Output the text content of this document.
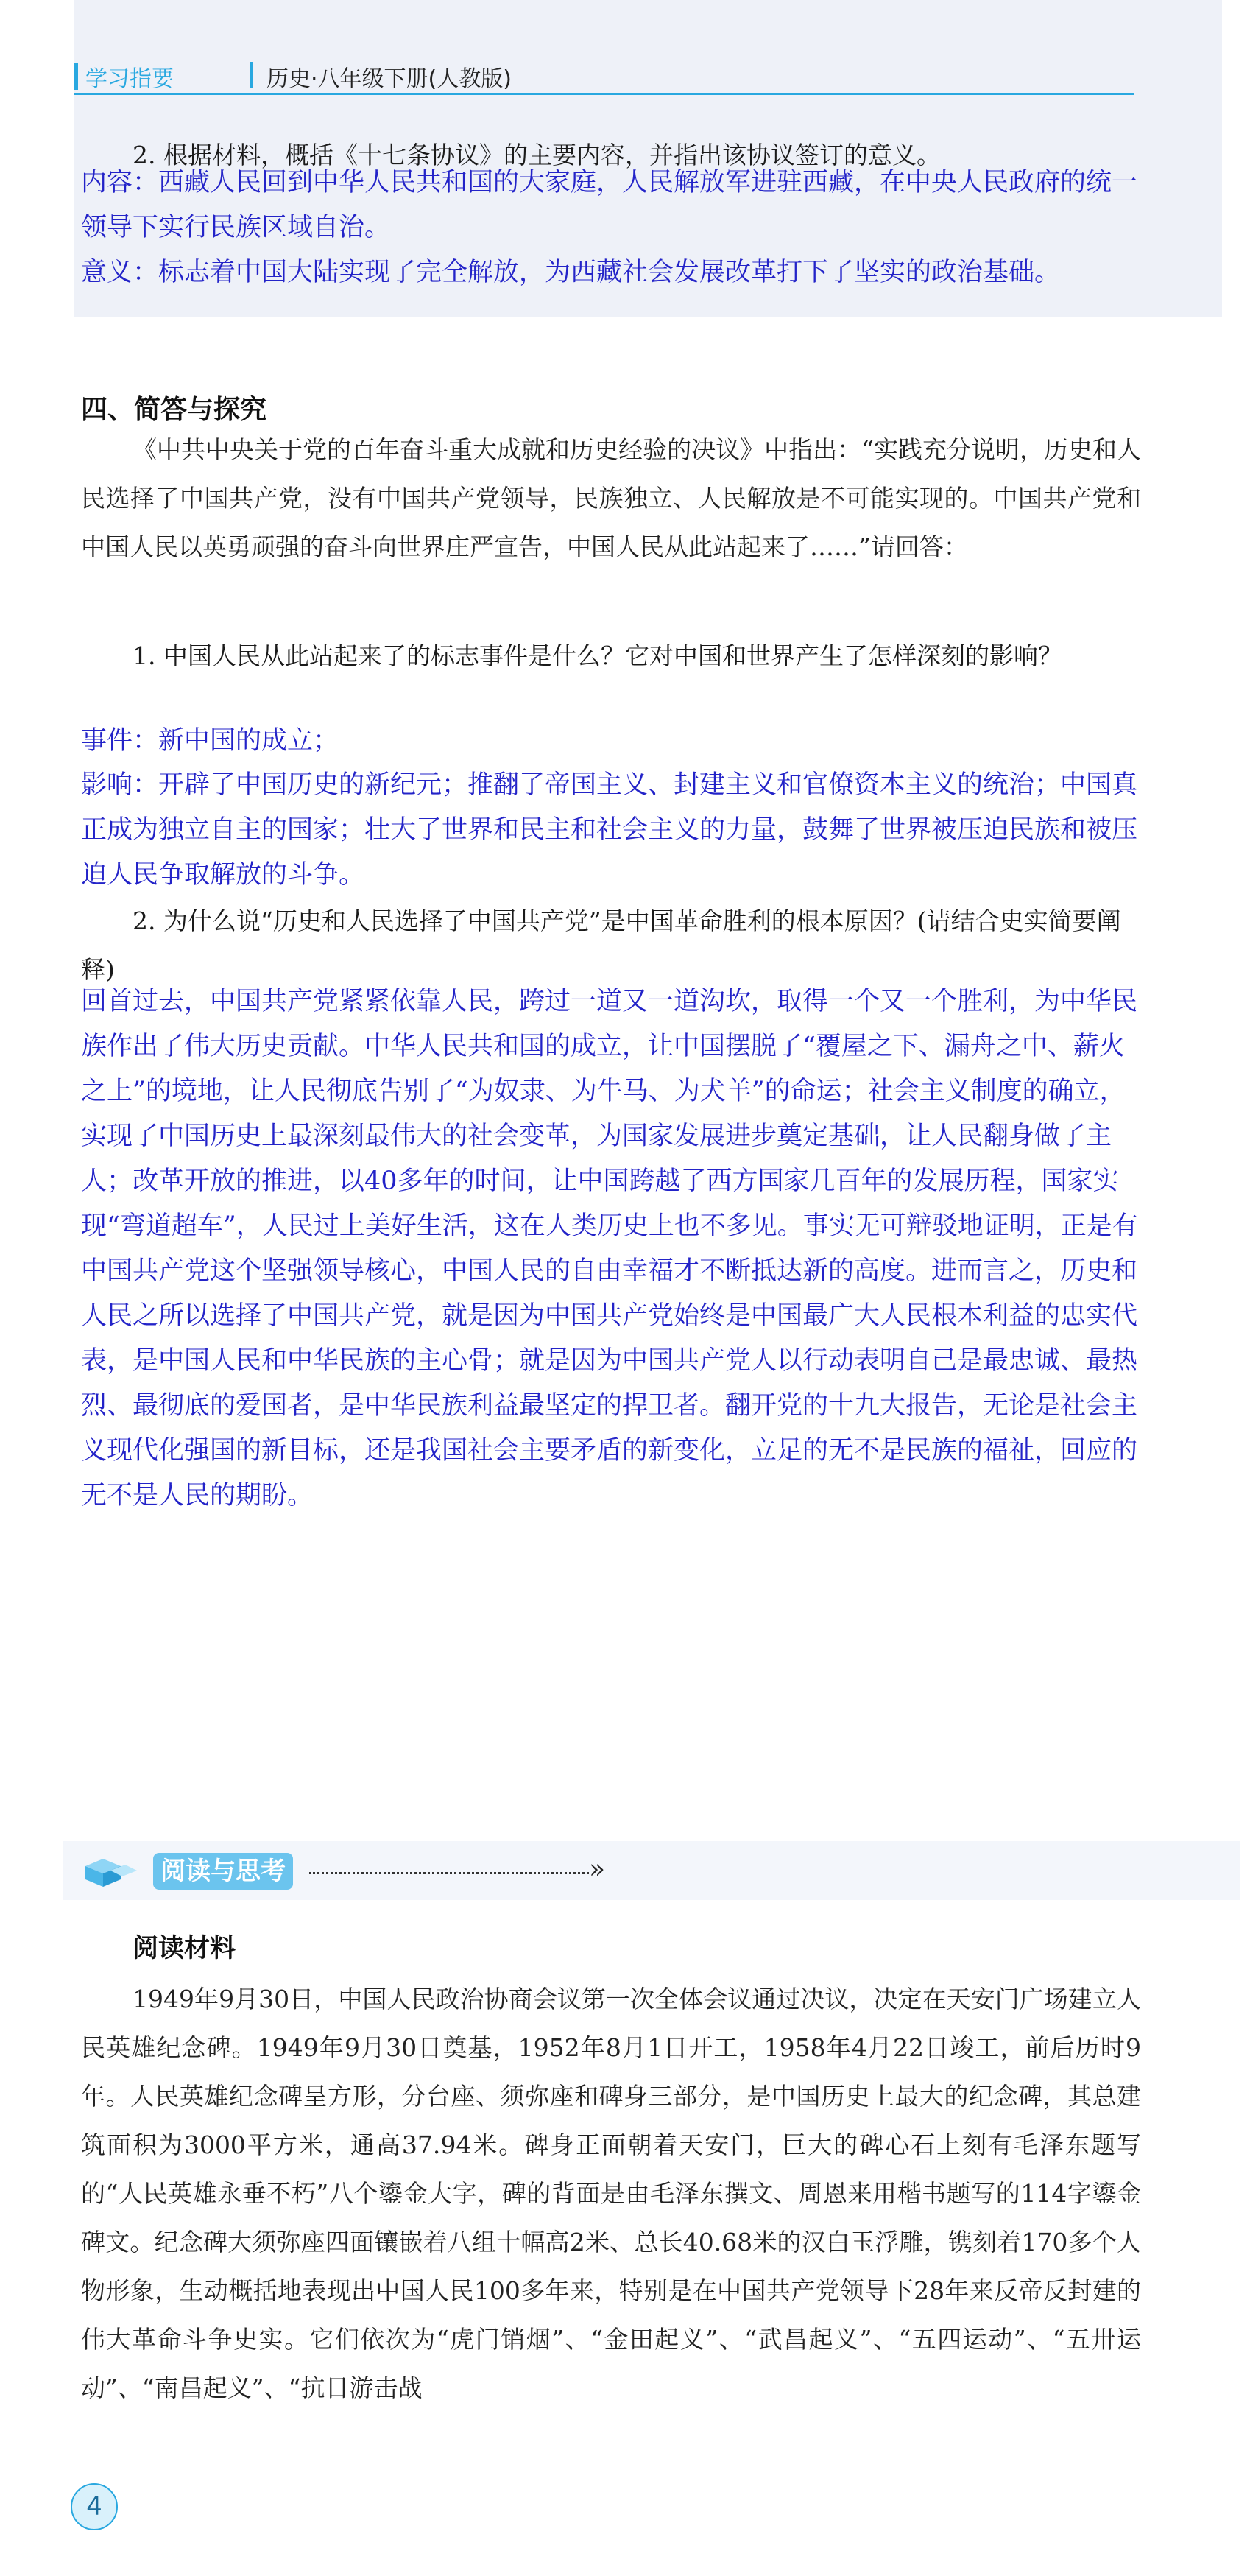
学习指要	历史·八年级下册(人教版)
2. 根据材料，概括《十七条协议》的主要内容，并指出该协议签订的意义。
内容：西藏人民回到中华人民共和国的大家庭，人民解放军进驻西藏，在中央人民政府的统一领导下实行民族区域自治。
意义：标志着中国大陆实现了完全解放，为西藏社会发展改革打下了坚实的政治基础。
四、简答与探究
《中共中央关于党的百年奋斗重大成就和历史经验的决议》中指出：“实践充分说明，历史和人民选择了中国共产党，没有中国共产党领导，民族独立、人民解放是不可能实现的。中国共产党和中国人民以英勇顽强的奋斗向世界庄严宣告，中国人民从此站起来了……”请回答：
1. 中国人民从此站起来了的标志事件是什么？它对中国和世界产生了怎样深刻的影响？
事件：新中国的成立；
影响：开辟了中国历史的新纪元；推翻了帝国主义、封建主义和官僚资本主义的统治；中国真正成为独立自主的国家；壮大了世界和民主和社会主义的力量，鼓舞了世界被压迫民族和被压迫人民争取解放的斗争。
2. 为什么说“历史和人民选择了中国共产党”是中国革命胜利的根本原因？(请结合史实简要阐释)
回首过去，中国共产党紧紧依靠人民，跨过一道又一道沟坎，取得一个又一个胜利，为中华民族作出了伟大历史贡献。中华人民共和国的成立，让中国摆脱了“覆屋之下、漏舟之中、薪火之上”的境地，让人民彻底告别了“为奴隶、为牛马、为犬羊”的命运；社会主义制度的确立，实现了中国历史上最深刻最伟大的社会变革，为国家发展进步奠定基础，让人民翻身做了主人；改革开放的推进，以40多年的时间，让中国跨越了西方国家几百年的发展历程，国家实现“弯道超车”，人民过上美好生活，这在人类历史上也不多见。事实无可辩驳地证明，正是有中国共产党这个坚强领导核心，中国人民的自由幸福才不断抵达新的高度。进而言之，历史和人民之所以选择了中国共产党，就是因为中国共产党始终是中国最广大人民根本利益的忠实代表，是中国人民和中华民族的主心骨；就是因为中国共产党人以行动表明自己是最忠诚、最热烈、最彻底的爱国者，是中华民族利益最坚定的捍卫者。翻开党的十九大报告，无论是社会主义现代化强国的新目标，还是我国社会主要矛盾的新变化，立足的无不是民族的福祉，回应的无不是人民的期盼。
阅读与思考	»
阅读材料
1949年9月30日，中国人民政治协商会议第一次全体会议通过决议，决定在天安门广场建立人民英雄纪念碑。1949年9月30日奠基，1952年8月1日开工，1958年4月22日竣工，前后历时9年。人民英雄纪念碑呈方形，分台座、须弥座和碑身三部分，是中国历史上最大的纪念碑，其总建筑面积为3000平方米，通高37.94米。碑身正面朝着天安门，巨大的碑心石上刻有毛泽东题写的“人民英雄永垂不朽”八个鎏金大字，碑的背面是由毛泽东撰文、周恩来用楷书题写的114字鎏金碑文。纪念碑大须弥座四面镶嵌着八组十幅高2米、总长40.68米的汉白玉浮雕，镌刻着170多个人物形象，生动概括地表现出中国人民100多年来，特别是在中国共产党领导下28年来反帝反封建的伟大革命斗争史实。它们依次为“虎门销烟”、“金田起义”、“武昌起义”、“五四运动”、“五卅运动”、“南昌起义”、“抗日游击战
4
